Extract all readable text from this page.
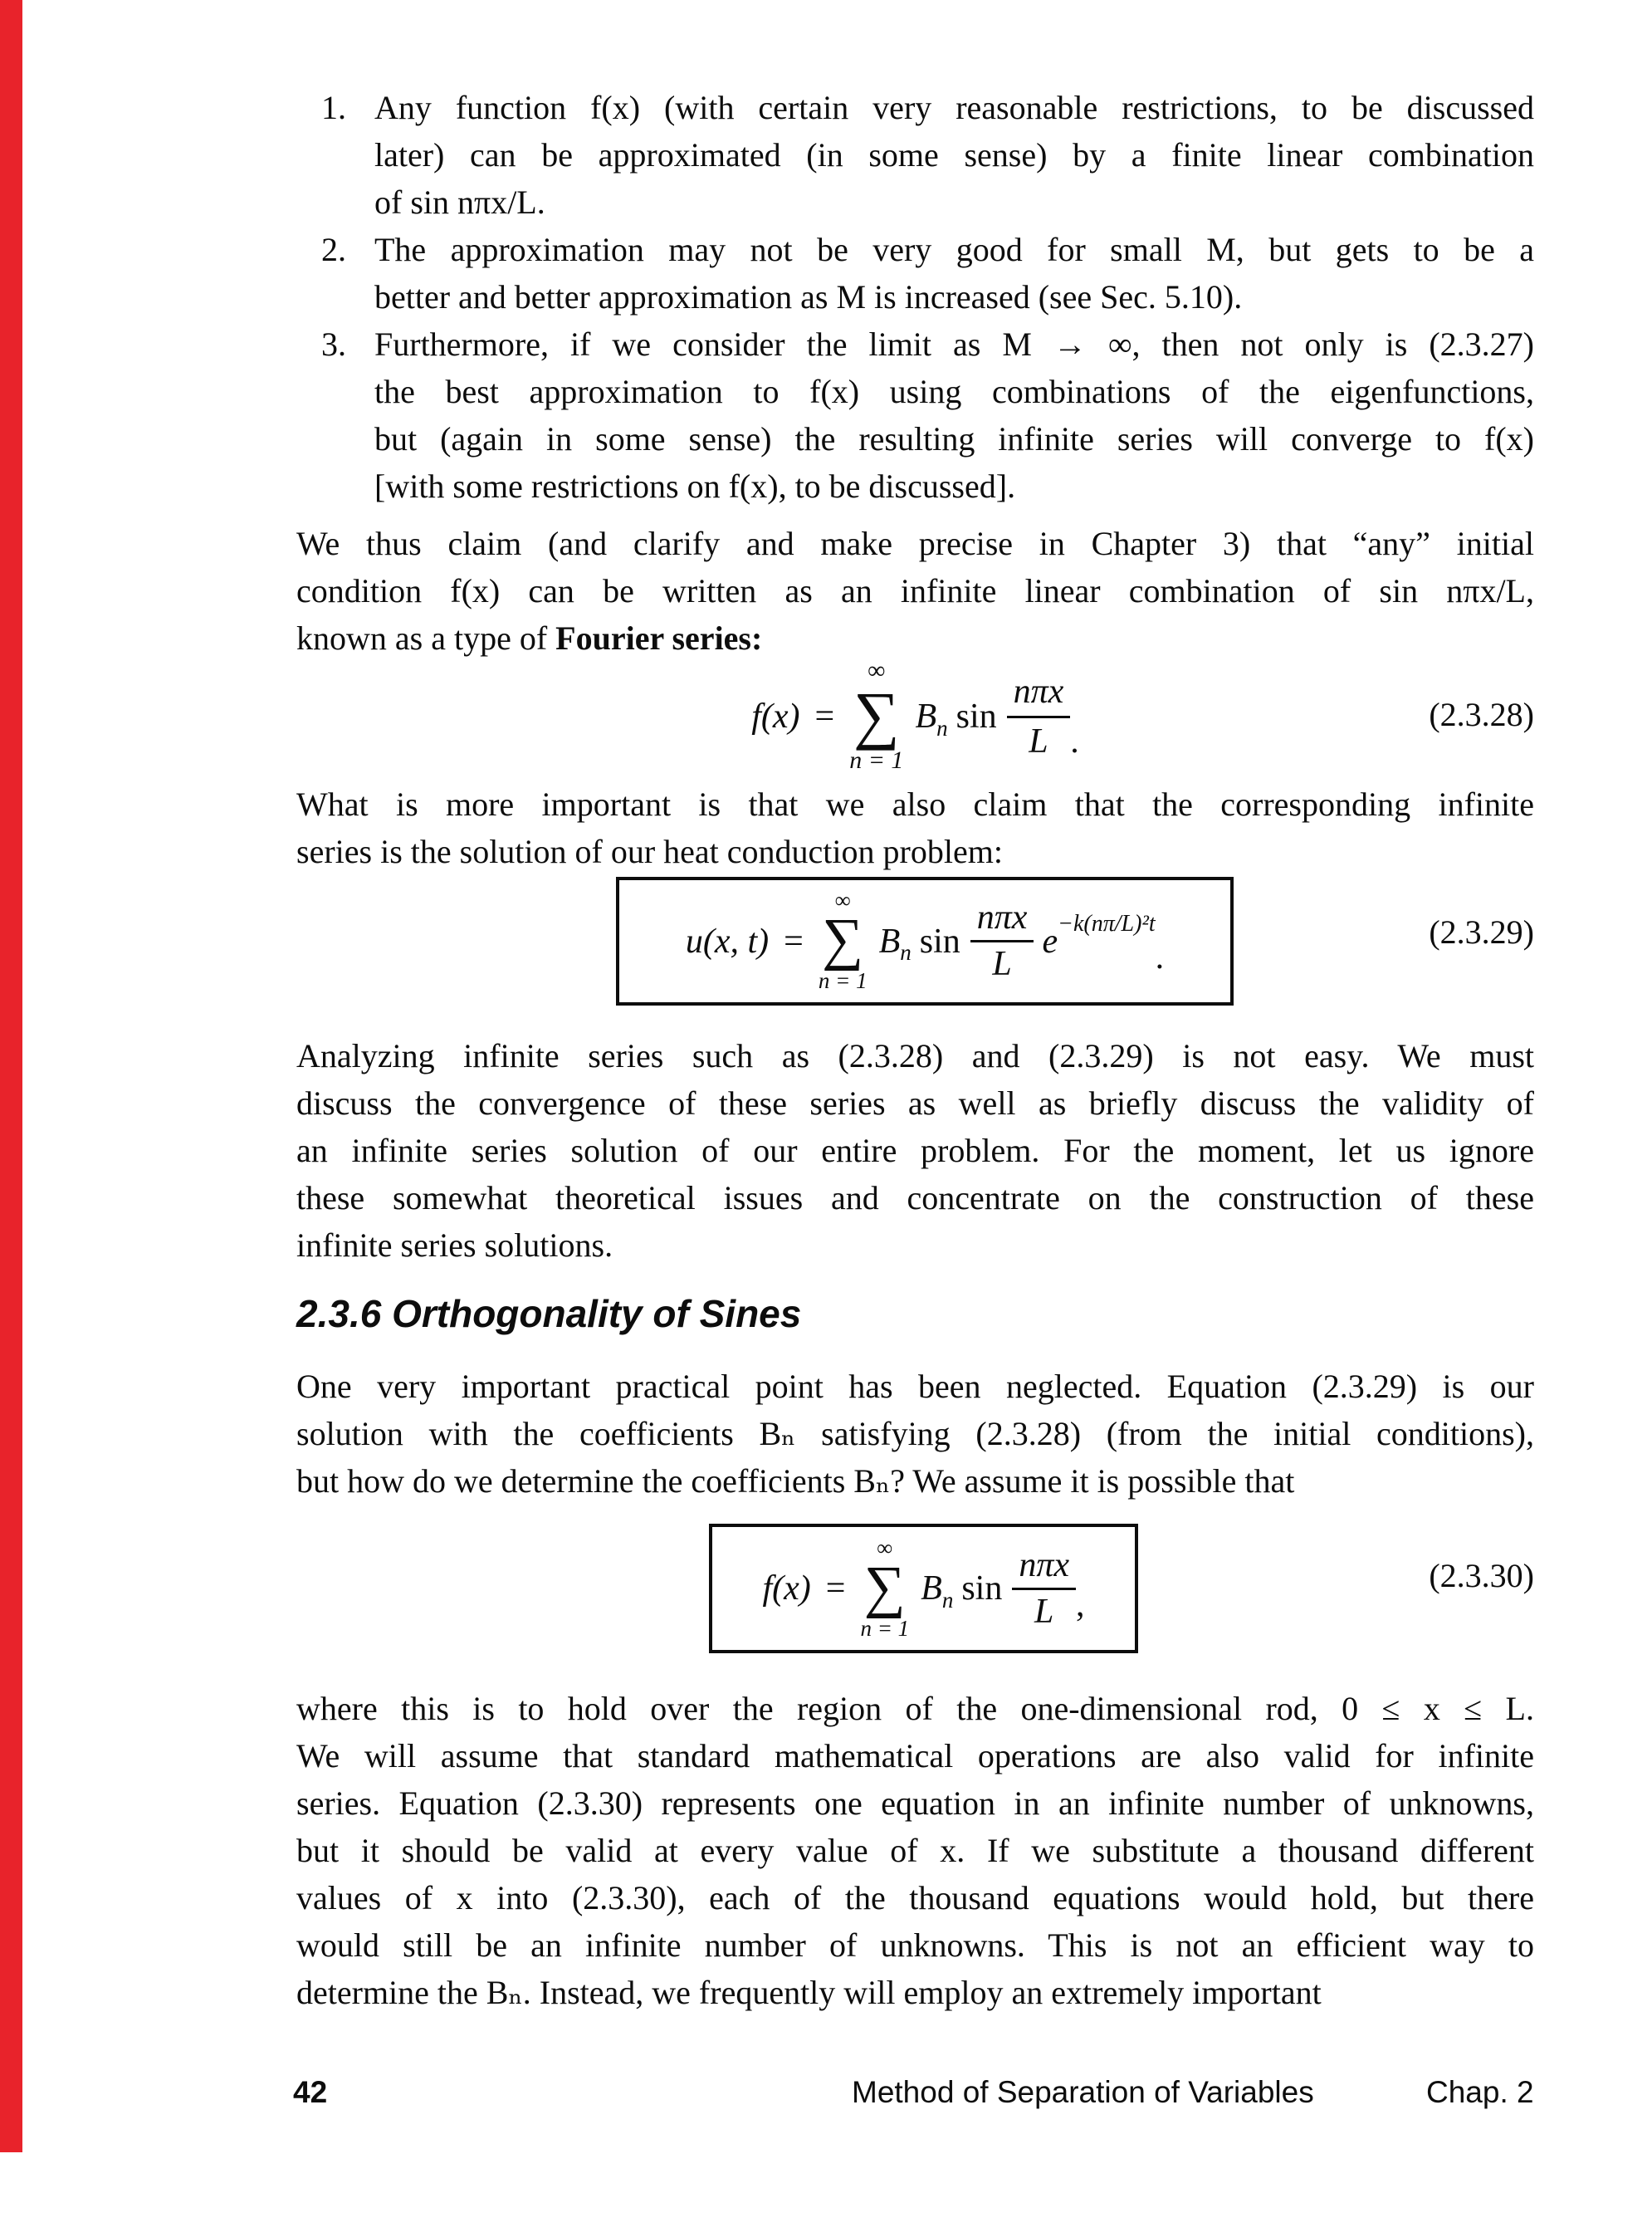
1. Any function f(x) (with certain very reasonable restrictions, to be discussed
later) can be approximated (in some sense) by a finite linear combination
of sin nπx/L.
2. The approximation may not be very good for small M, but gets to be a
better and better approximation as M is increased (see Sec. 5.10).
3. Furthermore, if we consider the limit as M → ∞, then not only is (2.3.27)
the best approximation to f(x) using combinations of the eigenfunctions,
but (again in some sense) the resulting infinite series will converge to f(x)
[with some restrictions on f(x), to be discussed].
We thus claim (and clarify and make precise in Chapter 3) that “any” initial
condition f(x) can be written as an infinite linear combination of sin nπx/L,
known as a type of Fourier series:
f(x) =
∞
∑
n = 1
B n $\sin \frac{\text{nπx}}{L}$ .
(2.3.28)
What is more important is that we also claim that the corresponding infinite
series is the solution of our heat conduction problem:
u(x, t) =
∞
∑
n = 1
B n $\sin \frac{\text{nπx}}{L} e^{-k(n\pi/L)^2t}$
.
(2.3.29)
Analyzing infinite series such as (2.3.28) and (2.3.29) is not easy. We must
discuss the convergence of these series as well as briefly discuss the validity of
an infinite series solution of our entire problem. For the moment, let us ignore
these somewhat theoretical issues and concentrate on the construction of these
infinite series solutions.
2.3.6 Orthogonality of Sines
One very important practical point has been neglected. Equation (2.3.29) is our
solution with the coefficients Bₙ satisfying (2.3.28) (from the initial conditions),
but how do we determine the coefficients Bₙ? We assume it is possible that
f(x) =
∞
∑
n = 1
B n $\sin \frac{\text{nπx}}{L}$ ,
(2.3.30)
where this is to hold over the region of the one-dimensional rod, 0 ≤ x ≤ L.
We will assume that standard mathematical operations are also valid for infinite
series. Equation (2.3.30) represents one equation in an infinite number of unknowns,
but it should be valid at every value of x. If we substitute a thousand different
values of x into (2.3.30), each of the thousand equations would hold, but there
would still be an infinite number of unknowns. This is not an efficient way to
determine the Bₙ. Instead, we frequently will employ an extremely important
42	Method of Separation of Variables	Chap. 2
